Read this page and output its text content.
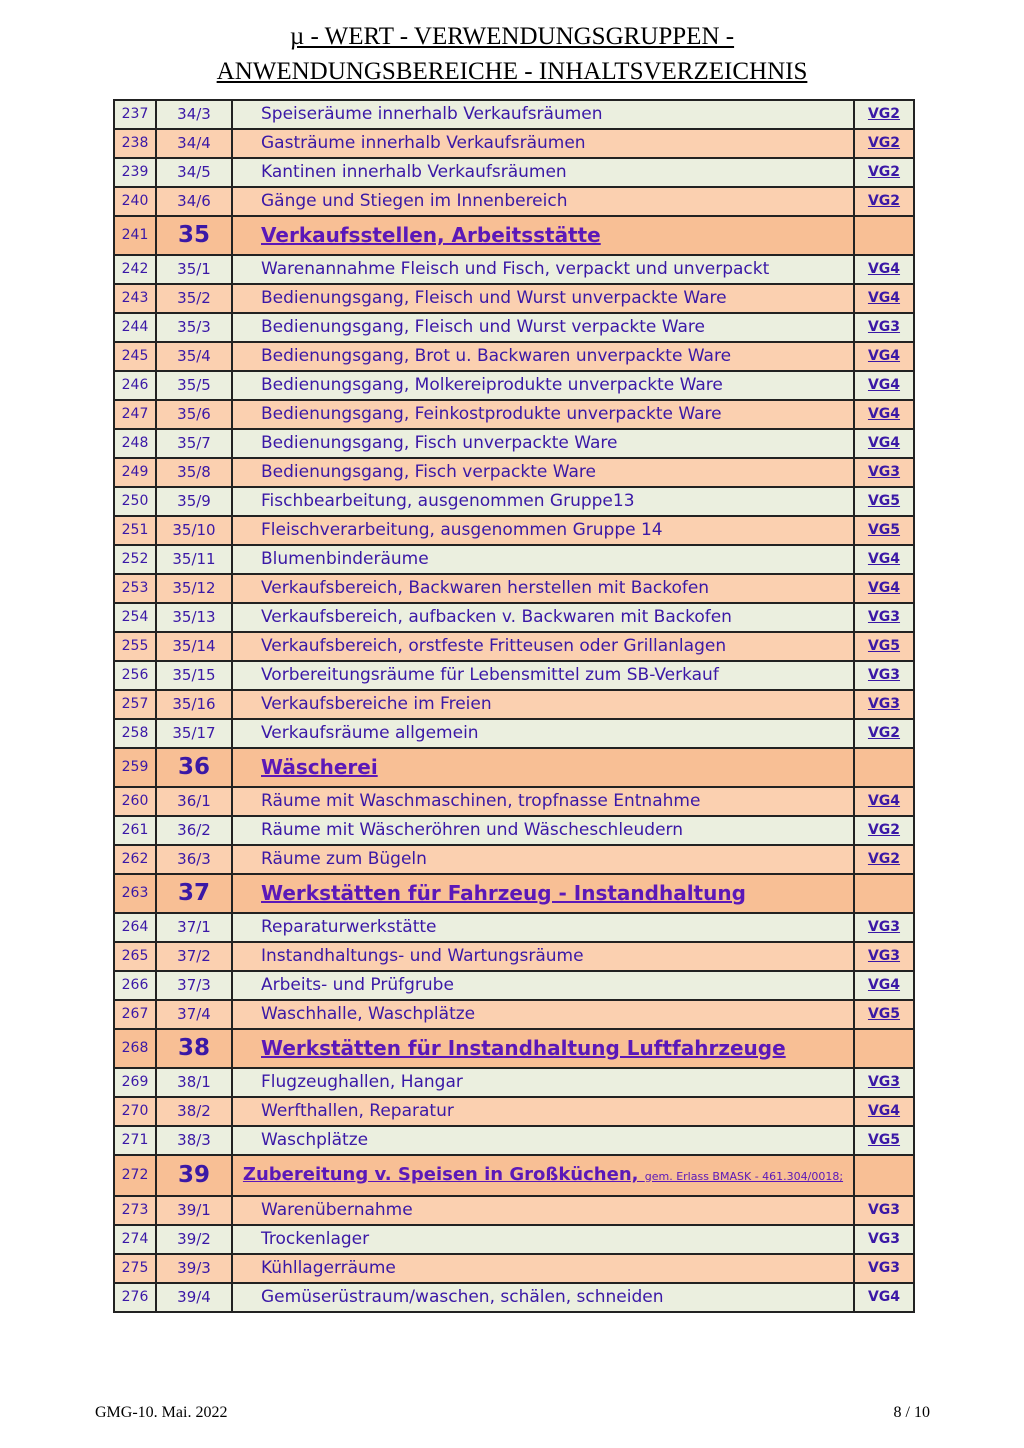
µ - WERT - VERWENDUNGSGRUPPEN -
ANWENDUNGSBEREICHE - INHALTSVERZEICHNIS
237	34/3	Speiseräume innerhalb Verkaufsräumen	VG2
238	34/4	Gasträume innerhalb Verkaufsräumen	VG2
239	34/5	Kantinen innerhalb Verkaufsräumen	VG2
240	34/6	Gänge und Stiegen im Innenbereich	VG2
241	35	Verkaufsstellen, Arbeitsstätte	
242	35/1	Warenannahme Fleisch und Fisch, verpackt und unverpackt	VG4
243	35/2	Bedienungsgang, Fleisch und Wurst unverpackte Ware	VG4
244	35/3	Bedienungsgang, Fleisch und Wurst verpackte Ware	VG3
245	35/4	Bedienungsgang, Brot u. Backwaren unverpackte Ware	VG4
246	35/5	Bedienungsgang, Molkereiprodukte unverpackte Ware	VG4
247	35/6	Bedienungsgang, Feinkostprodukte unverpackte Ware	VG4
248	35/7	Bedienungsgang, Fisch unverpackte Ware	VG4
249	35/8	Bedienungsgang, Fisch verpackte Ware	VG3
250	35/9	Fischbearbeitung, ausgenommen Gruppe13	VG5
251	35/10	Fleischverarbeitung, ausgenommen Gruppe 14	VG5
252	35/11	Blumenbinderäume	VG4
253	35/12	Verkaufsbereich, Backwaren herstellen mit Backofen	VG4
254	35/13	Verkaufsbereich, aufbacken v. Backwaren mit Backofen	VG3
255	35/14	Verkaufsbereich, orstfeste Fritteusen oder Grillanlagen	VG5
256	35/15	Vorbereitungsräume für Lebensmittel zum SB-Verkauf	VG3
257	35/16	Verkaufsbereiche im Freien	VG3
258	35/17	Verkaufsräume allgemein	VG2
259	36	Wäscherei	
260	36/1	Räume mit Waschmaschinen, tropfnasse Entnahme	VG4
261	36/2	Räume mit Wäscheröhren und Wäscheschleudern	VG2
262	36/3	Räume zum Bügeln	VG2
263	37	Werkstätten für Fahrzeug - Instandhaltung	
264	37/1	Reparaturwerkstätte	VG3
265	37/2	Instandhaltungs- und Wartungsräume	VG3
266	37/3	Arbeits- und Prüfgrube	VG4
267	37/4	Waschhalle, Waschplätze	VG5
268	38	Werkstätten für Instandhaltung Luftfahrzeuge	
269	38/1	Flugzeughallen, Hangar	VG3
270	38/2	Werfthallen, Reparatur	VG4
271	38/3	Waschplätze	VG5
272	39	Zubereitung v. Speisen in Großküchen, gem. Erlass BMASK - 461.304/0018;	
273	39/1	Warenübernahme	VG3
274	39/2	Trockenlager	VG3
275	39/3	Kühllagerräume	VG3
276	39/4	Gemüserüstraum/waschen, schälen, schneiden	VG4
GMG-10. Mai. 2022	8 / 10
